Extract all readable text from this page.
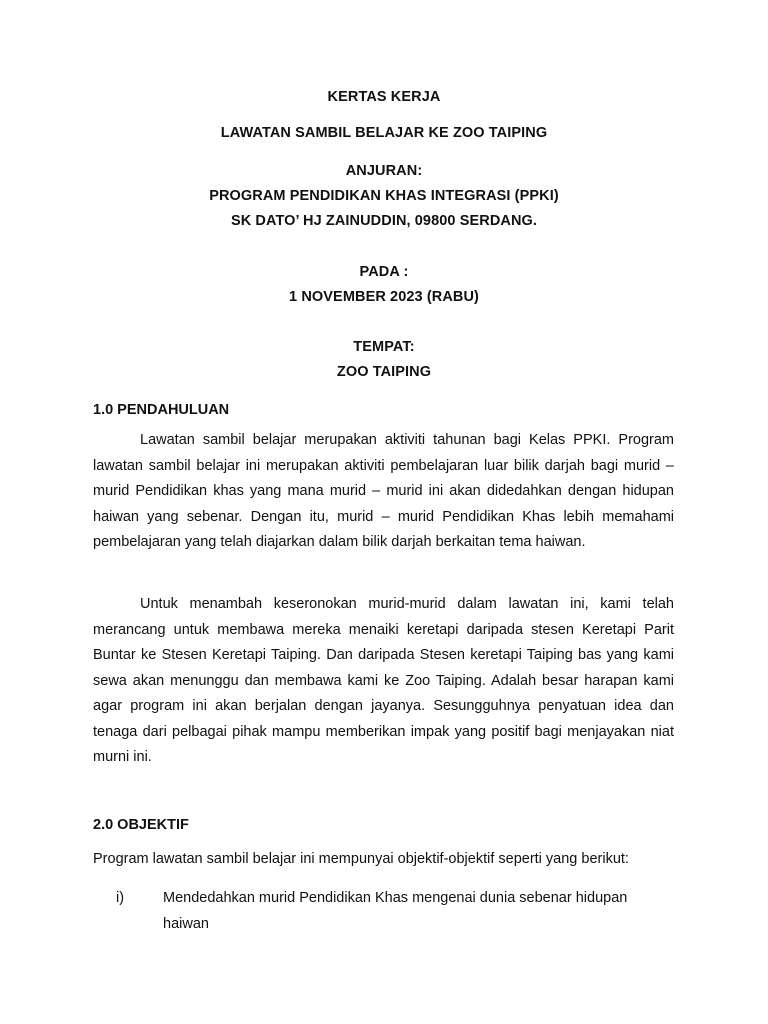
KERTAS KERJA
LAWATAN SAMBIL BELAJAR KE ZOO TAIPING
ANJURAN:
PROGRAM PENDIDIKAN KHAS INTEGRASI (PPKI)
SK DATO’ HJ ZAINUDDIN, 09800 SERDANG.
PADA :
1 NOVEMBER 2023 (RABU)
TEMPAT:
ZOO TAIPING
1.0 PENDAHULUAN

Lawatan sambil belajar merupakan aktiviti tahunan bagi Kelas PPKI. Program lawatan sambil belajar ini merupakan aktiviti pembelajaran luar bilik darjah bagi murid – murid Pendidikan khas yang mana murid – murid ini akan didedahkan dengan hidupan haiwan yang sebenar. Dengan itu, murid – murid Pendidikan Khas lebih memahami pembelajaran yang telah diajarkan dalam bilik darjah berkaitan tema haiwan.

Untuk menambah keseronokan murid-murid dalam lawatan ini, kami telah merancang untuk membawa mereka menaiki keretapi daripada stesen Keretapi Parit Buntar ke Stesen Keretapi Taiping. Dan daripada Stesen keretapi Taiping bas yang kami sewa akan menunggu dan membawa kami ke Zoo Taiping. Adalah besar harapan kami agar program ini akan berjalan dengan jayanya. Sesungguhnya penyatuan idea dan tenaga dari pelbagai pihak mampu memberikan impak yang positif bagi menjayakan niat murni ini.

2.0 OBJEKTIF

Program lawatan sambil belajar ini mempunyai objektif-objektif seperti yang berikut:

i)	Mendedahkan murid Pendidikan Khas mengenai dunia sebenar hidupan haiwan
